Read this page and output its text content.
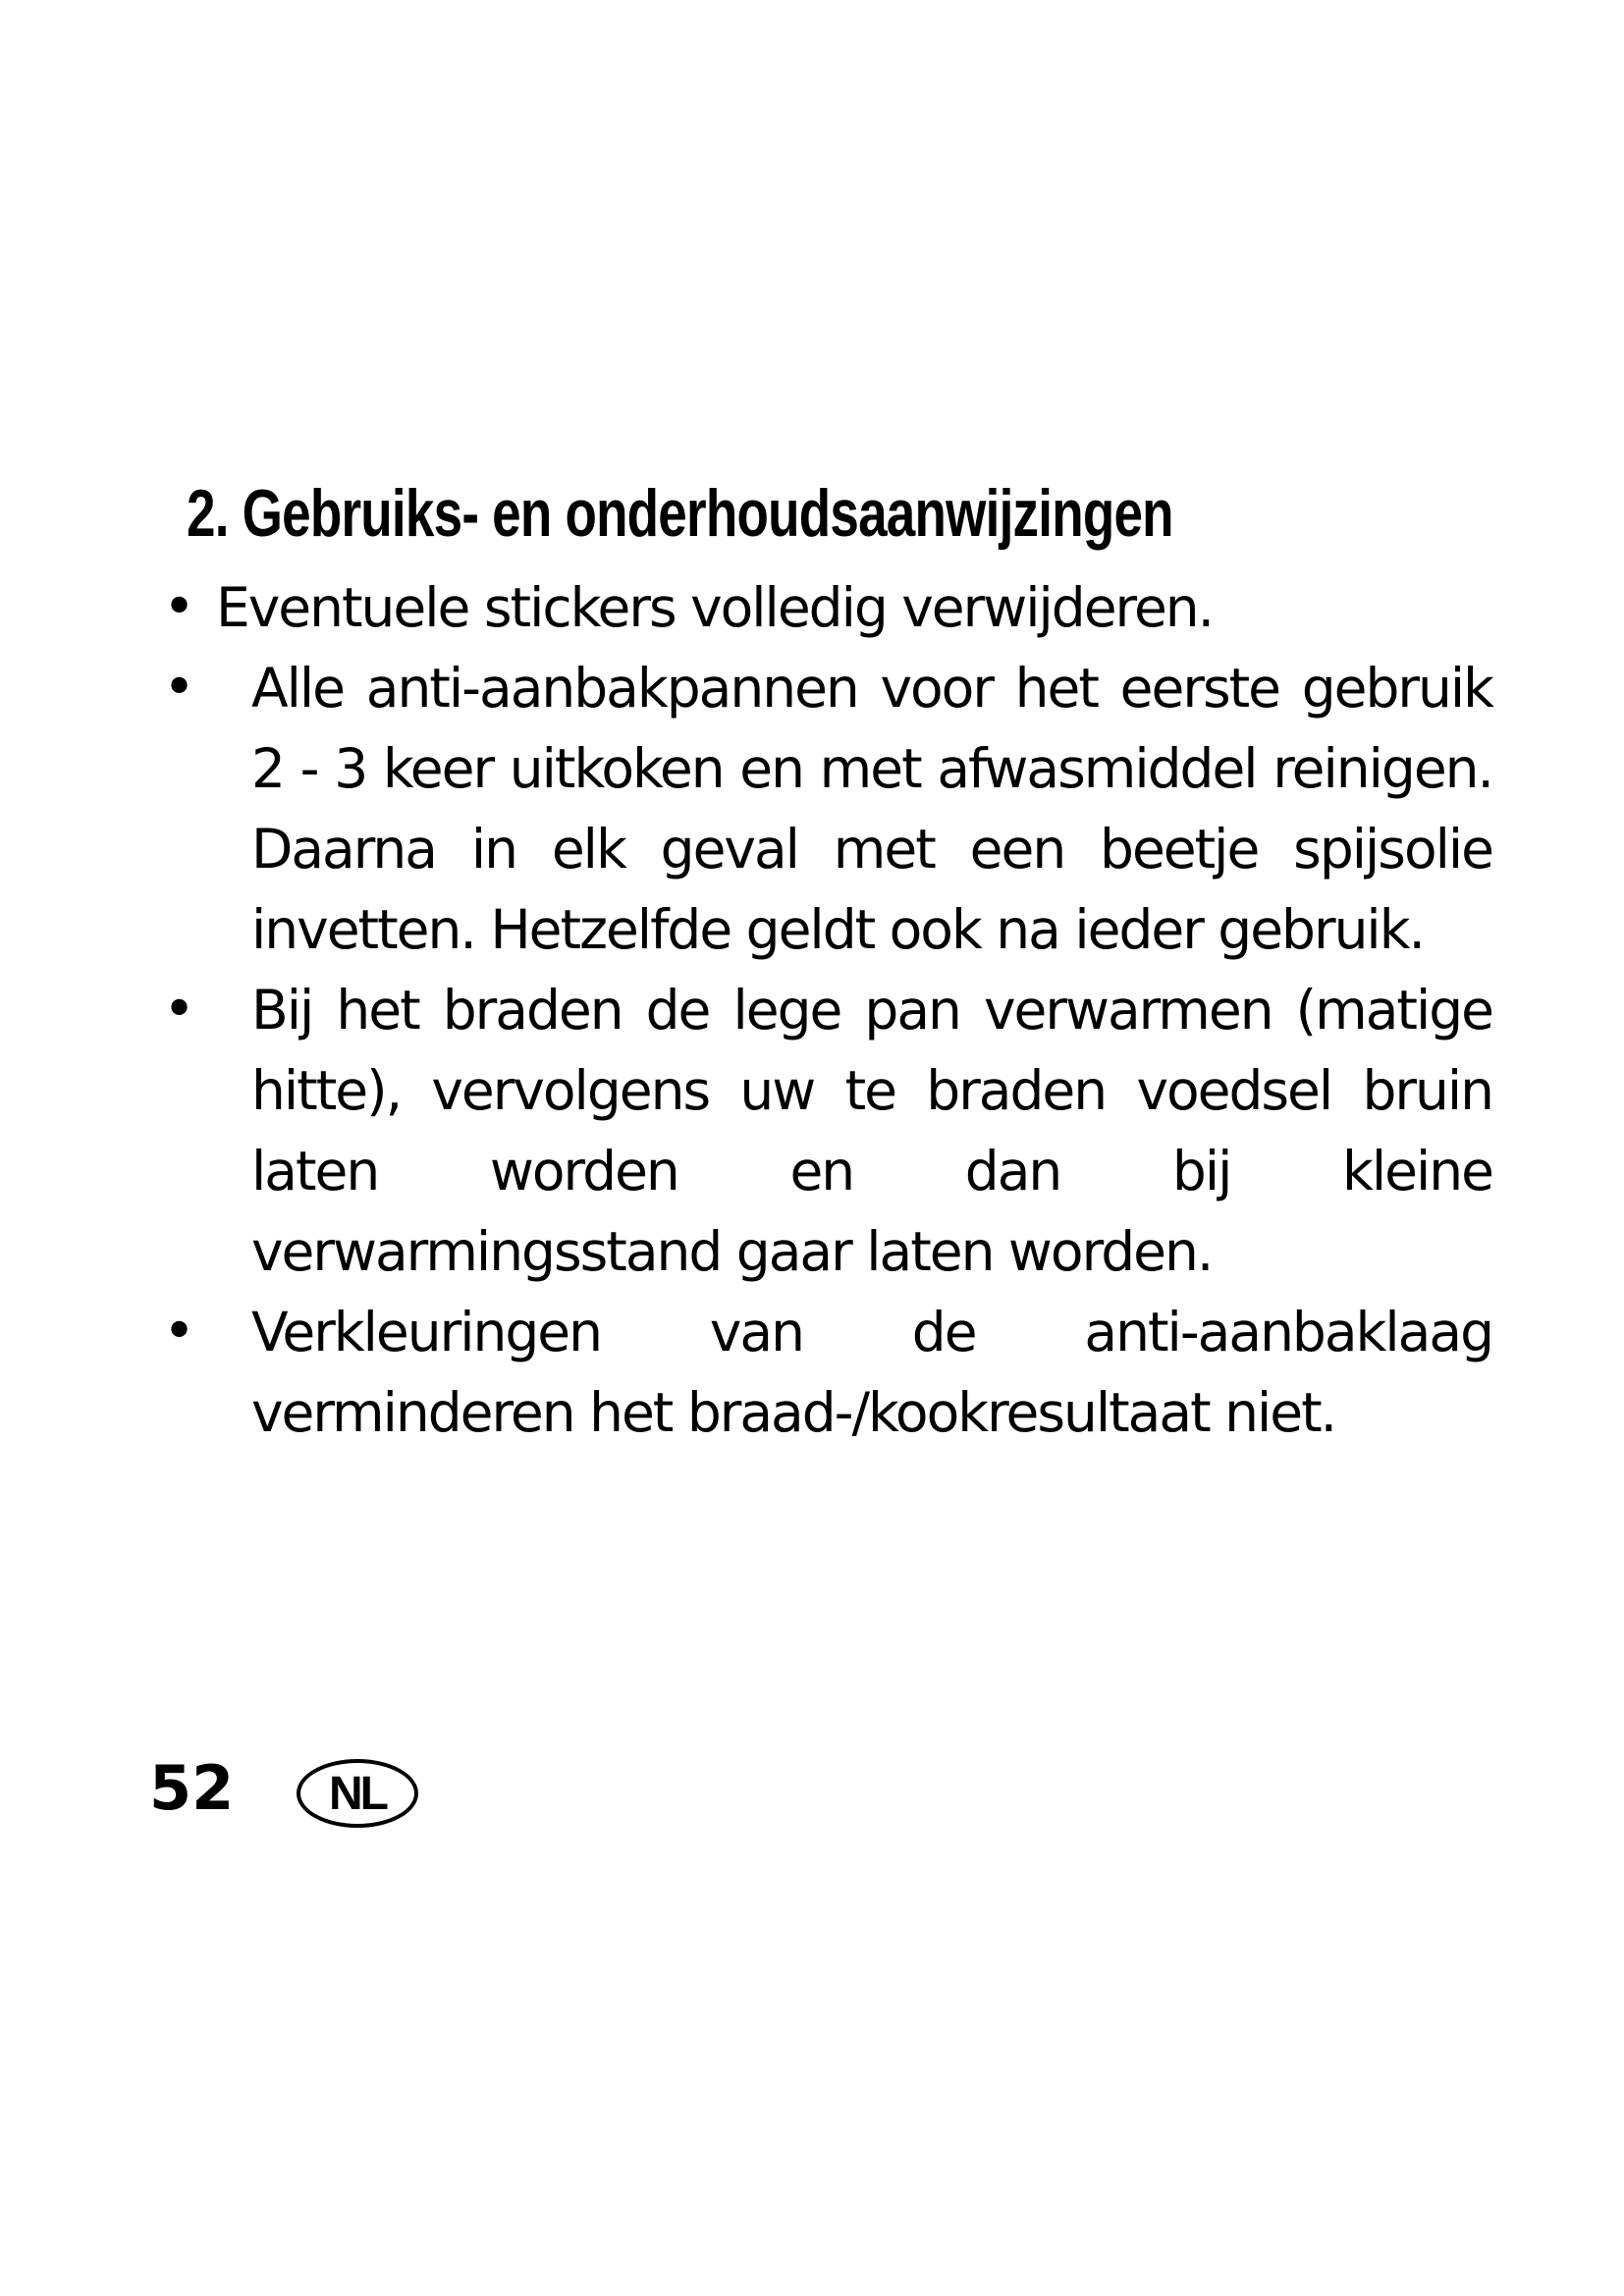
2. Gebruiks- en onderhoudsaanwijzingen
• Eventuele stickers volledig verwijderen.
• Alle anti-aanbakpannen voor het eerste gebruik 2 - 3 keer uitkoken en met afwasmiddel reinigen. Daarna in elk geval met een beetje spijsolie invetten. Hetzelfde geldt ook na ieder gebruik.
• Bij het braden de lege pan verwarmen (matige hitte), vervolgens uw te braden voedsel bruin laten worden en dan bij kleine verwarmingsstand gaar laten worden.
• Verkleuringen van de anti-aanbaklaag verminderen het braad-/kookresultaat niet.
52	NL
